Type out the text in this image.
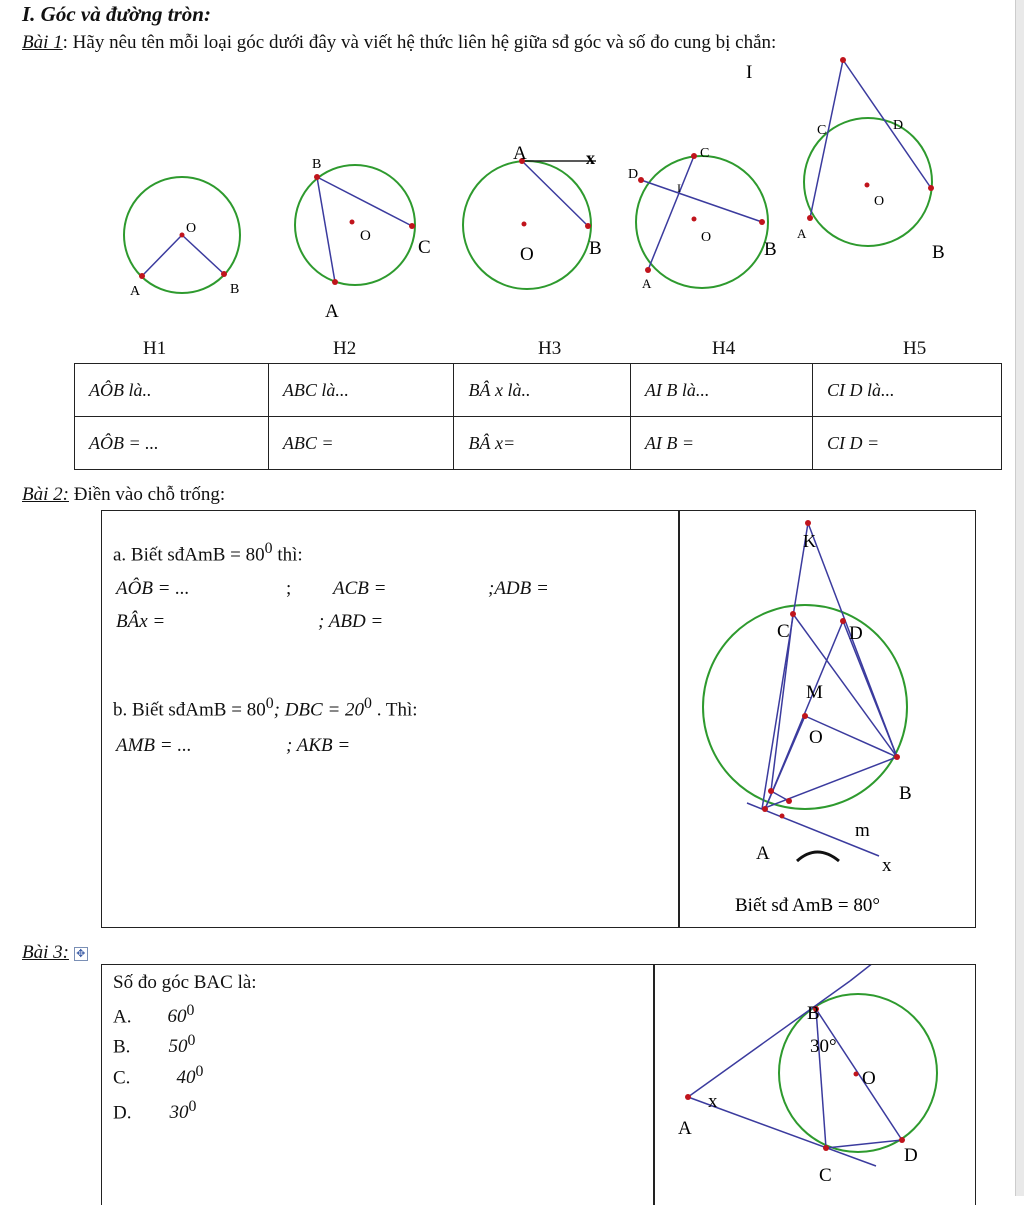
I. Góc và đường tròn:
Bài 1: Hãy nêu tên mỗi loại góc dưới đây và viết hệ thức liên hệ giữa sđ góc và số đo cung bị chắn:
O
A	B
B
O
C
A
A	x
O	B
C
D
I
O
B
A
I
C	D
O
A
B
H1	H2	H3	H4	H5
AÔB là..	ABC là...	BÂ x là..	AI B là...	CI D là...
AÔB = ...	ABC =	BÂ x=	AI B =	CI D =
Bài 2: Điền vào chỗ trống:
a. Biết sđAmB = $80^0$ thì:
AÔB = ...	; ACB =	;ADB =
BÂx =	; ABD =
b. Biết sđAmB = $80^0$; DBC = $20^0$ . Thì:
AMB = ...	; AKB =
K
C	D
M
O
B
A
m
x
Biết sđ AmB = 80°
Bài 3: ✥
Số đo góc BAC là:
A. $60^0$
B. $50^0$
C. $40^0$
D. $30^0$
B
30°
O
x
A
D
C
